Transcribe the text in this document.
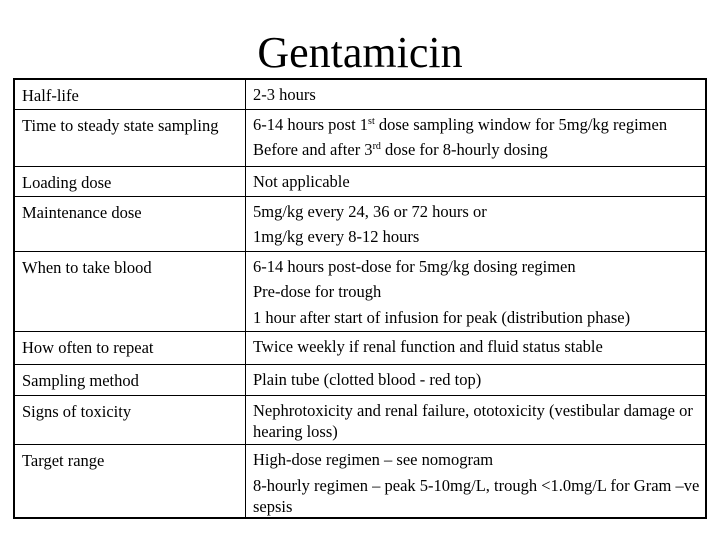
Gentamicin
Half-life	2-3 hours

Time to steady state sampling	6-14 hours post 1st dose sampling window for 5mg/kg regimen
Before and after 3rd dose for 8-hourly dosing

Loading dose	Not applicable

Maintenance dose	5mg/kg every 24, 36 or 72 hours or
1mg/kg every 8-12 hours

When to take blood	6-14 hours post-dose for 5mg/kg dosing regimen
Pre-dose for trough
1 hour after start of infusion for peak (distribution phase)

How often to repeat	Twice weekly if renal function and fluid status stable

Sampling method	Plain tube (clotted blood - red top)

Signs of toxicity	Nephrotoxicity and renal failure, ototoxicity (vestibular damage or hearing loss)

Target range	High-dose regimen – see nomogram
8-hourly regimen – peak 5-10mg/L, trough <1.0mg/L for Gram –ve sepsis
